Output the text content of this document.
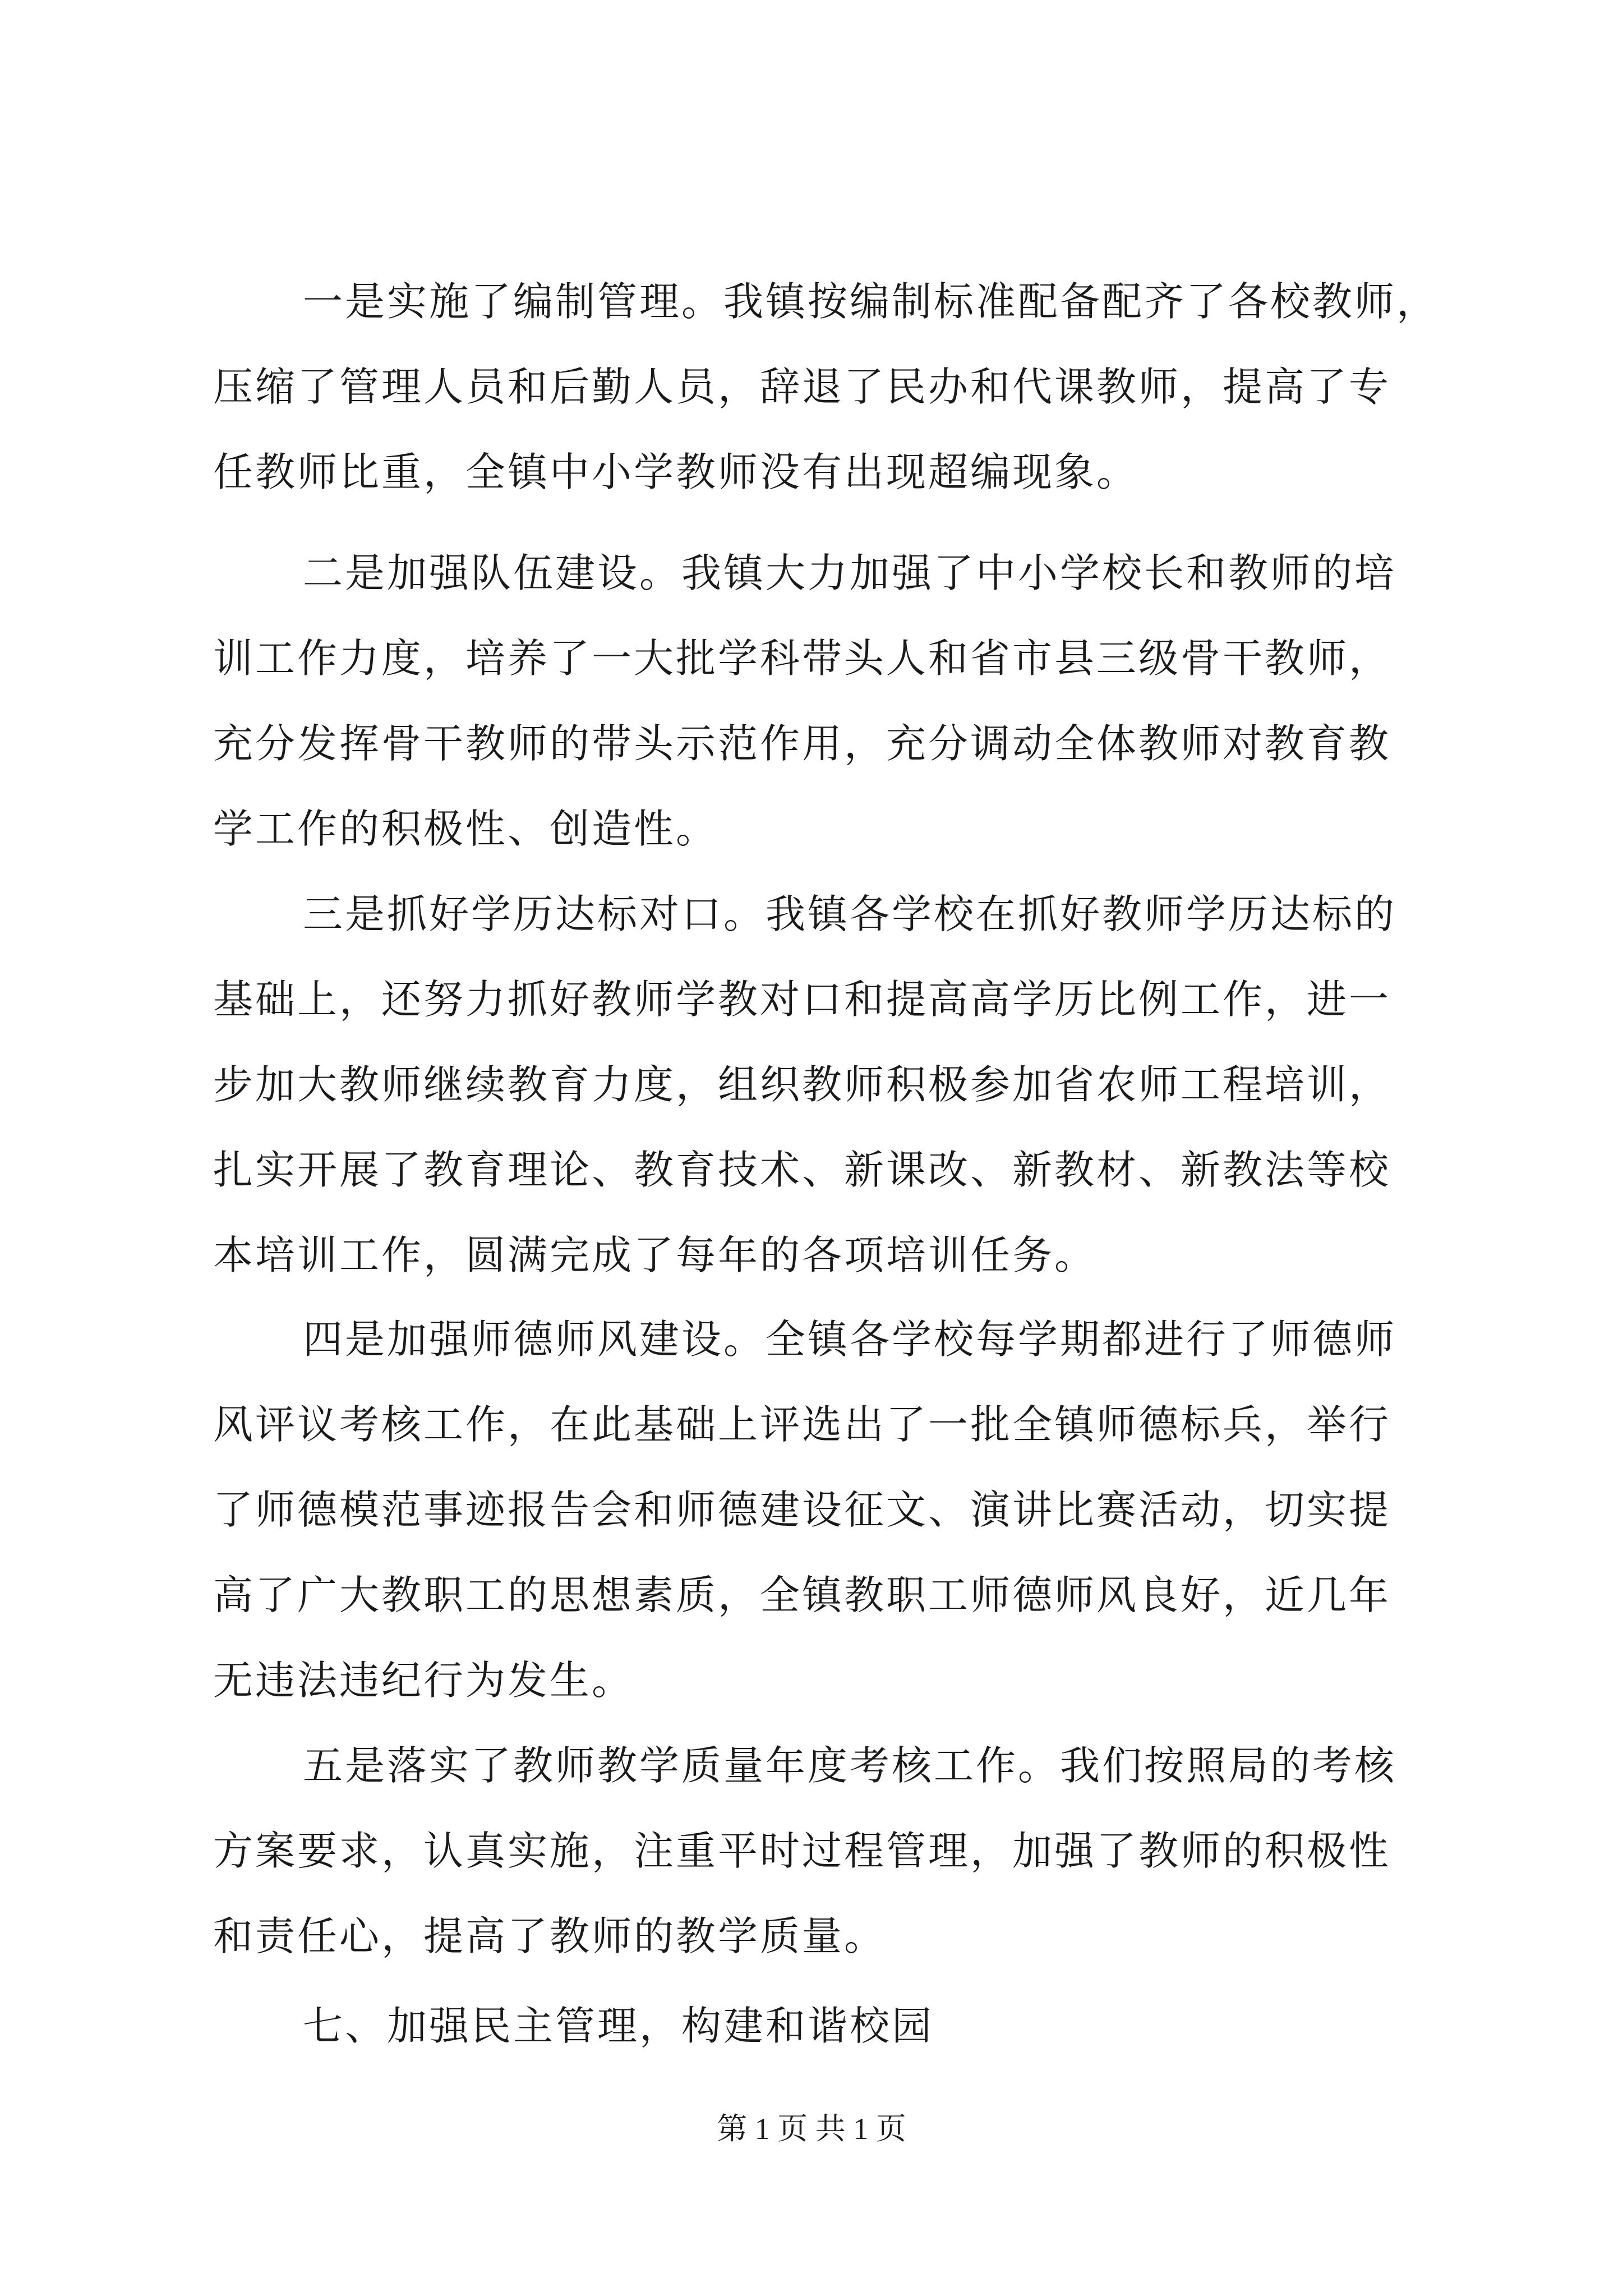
一是实施了编制管理。我镇按编制标准配备配齐了各校教师，

压缩了管理人员和后勤人员，辞退了民办和代课教师，提高了专

任教师比重，全镇中小学教师没有出现超编现象。

二是加强队伍建设。我镇大力加强了中小学校长和教师的培

训工作力度，培养了一大批学科带头人和省市县三级骨干教师，

充分发挥骨干教师的带头示范作用，充分调动全体教师对教育教

学工作的积极性、创造性。

三是抓好学历达标对口。我镇各学校在抓好教师学历达标的

基础上，还努力抓好教师学教对口和提高高学历比例工作，进一

步加大教师继续教育力度，组织教师积极参加省农师工程培训，

扎实开展了教育理论、教育技术、新课改、新教材、新教法等校

本培训工作，圆满完成了每年的各项培训任务。

四是加强师德师风建设。全镇各学校每学期都进行了师德师

风评议考核工作，在此基础上评选出了一批全镇师德标兵，举行

了师德模范事迹报告会和师德建设征文、演讲比赛活动，切实提

高了广大教职工的思想素质，全镇教职工师德师风良好，近几年

无违法违纪行为发生。

五是落实了教师教学质量年度考核工作。我们按照局的考核

方案要求，认真实施，注重平时过程管理，加强了教师的积极性

和责任心，提高了教师的教学质量。

七、加强民主管理，构建和谐校园

第 1 页 共 1 页
